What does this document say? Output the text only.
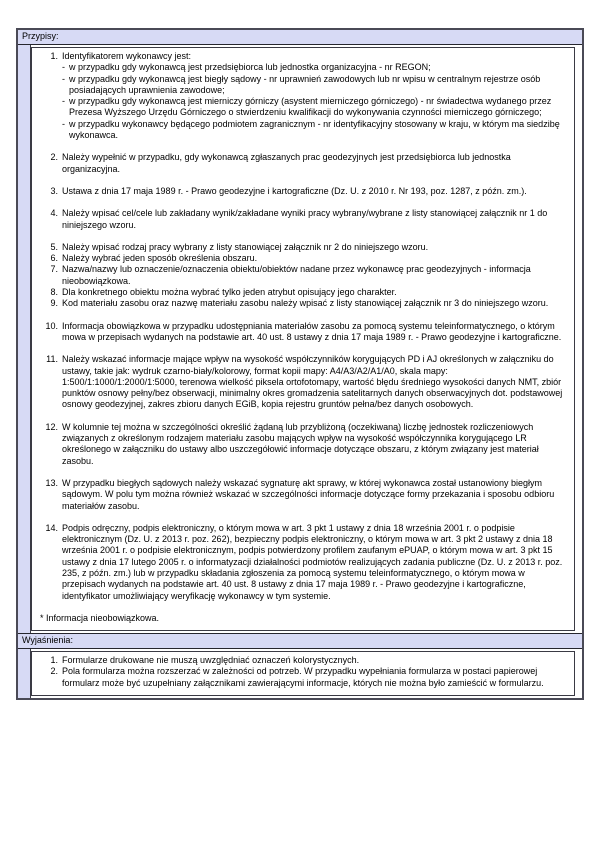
Przypisy:
1. Identyfikatorem wykonawcy jest:
- w przypadku gdy wykonawcą jest przedsiębiorca lub jednostka organizacyjna - nr REGON;
- w przypadku gdy wykonawcą jest biegły sądowy - nr uprawnień zawodowych lub nr wpisu w centralnym rejestrze osób posiadających uprawnienia zawodowe;
- w przypadku gdy wykonawcą jest mierniczy górniczy (asystent mierniczego górniczego) - nr świadectwa wydanego przez Prezesa Wyższego Urzędu Górniczego o stwierdzeniu kwalifikacji do wykonywania czynności mierniczego górniczego;
- w przypadku wykonawcy będącego podmiotem zagranicznym - nr identyfikacyjny stosowany w kraju, w którym ma siedzibę wykonawca.
2. Należy wypełnić w przypadku, gdy wykonawcą zgłaszanych prac geodezyjnych jest przedsiębiorca lub jednostka organizacyjna.
3. Ustawa z dnia 17 maja 1989 r. - Prawo geodezyjne i kartograficzne (Dz. U. z 2010 r. Nr 193, poz. 1287, z późn. zm.).
4. Należy wpisać cel/cele lub zakładany wynik/zakładane wyniki pracy wybrany/wybrane z listy stanowiącej załącznik nr 1 do niniejszego wzoru.
5. Należy wpisać rodzaj pracy wybrany z listy stanowiącej załącznik nr 2 do niniejszego wzoru.
6. Należy wybrać jeden sposób określenia obszaru.
7. Nazwa/nazwy lub oznaczenie/oznaczenia obiektu/obiektów nadane przez wykonawcę prac geodezyjnych - informacja nieobowiązkowa.
8. Dla konkretnego obiektu można wybrać tylko jeden atrybut opisujący jego charakter.
9. Kod materiału zasobu oraz nazwę materiału zasobu należy wpisać z listy stanowiącej załącznik nr 3 do niniejszego wzoru.
10. Informacja obowiązkowa w przypadku udostępniania materiałów zasobu za pomocą systemu teleinformatycznego, o którym mowa w przepisach wydanych na podstawie art. 40 ust. 8 ustawy z dnia 17 maja 1989 r. - Prawo geodezyjne i kartograficzne.
11. Należy wskazać informacje mające wpływ na wysokość współczynników korygujących PD i AJ określonych w załączniku do ustawy, takie jak: wydruk czarno-biały/kolorowy, format kopii mapy: A4/A3/A2/A1/A0, skala mapy: 1:500/1:1000/1:2000/1:5000, terenowa wielkość piksela ortofotomapy, wartość błędu średniego wysokości danych NMT, zbiór punktów osnowy pełny/bez obserwacji, minimalny okres gromadzenia satelitarnych danych obserwacyjnych dot. podstawowej osnowy geodezyjnej, zakres zbioru danych EGiB, kopia rejestru gruntów pełna/bez danych osobowych.
12. W kolumnie tej można w szczególności określić żądaną lub przybliżoną (oczekiwaną) liczbę jednostek rozliczeniowych związanych z określonym rodzajem materiału zasobu mających wpływ na wysokość współczynnika korygującego LR określonego w załączniku do ustawy albo uszczegółowić informacje dotyczące obszaru, z którym związany jest materiał zasobu.
13. W przypadku biegłych sądowych należy wskazać sygnaturę akt sprawy, w której wykonawca został ustanowiony biegłym sądowym. W polu tym można również wskazać w szczególności informacje dotyczące formy przekazania i sposobu odbioru materiałów zasobu.
14. Podpis odręczny, podpis elektroniczny, o którym mowa w art. 3 pkt 1 ustawy z dnia 18 września 2001 r. o podpisie elektronicznym (Dz. U. z 2013 r. poz. 262), bezpieczny podpis elektroniczny, o którym mowa w art. 3 pkt 2 ustawy z dnia 18 września 2001 r. o podpisie elektronicznym, podpis potwierdzony profilem zaufanym ePUAP, o którym mowa w art. 3 pkt 15 ustawy z dnia 17 lutego 2005 r. o informatyzacji działalności podmiotów realizujących zadania publiczne (Dz. U. z 2013 r. poz. 235, z późn. zm.) lub w przypadku składania zgłoszenia za pomocą systemu teleinformatycznego, o którym mowa w przepisach wydanych na podstawie art. 40 ust. 8 ustawy z dnia 17 maja 1989 r. - Prawo geodezyjne i kartograficzne, identyfikator umożliwiający weryfikację wykonawcy w tym systemie.
* Informacja nieobowiązkowa.
Wyjaśnienia:
1. Formularze drukowane nie muszą uwzględniać oznaczeń kolorystycznych.
2. Pola formularza można rozszerzać w zależności od potrzeb. W przypadku wypełniania formularza w postaci papierowej formularz może być uzupełniany załącznikami zawierającymi informacje, których nie można było zamieścić w formularzu.
